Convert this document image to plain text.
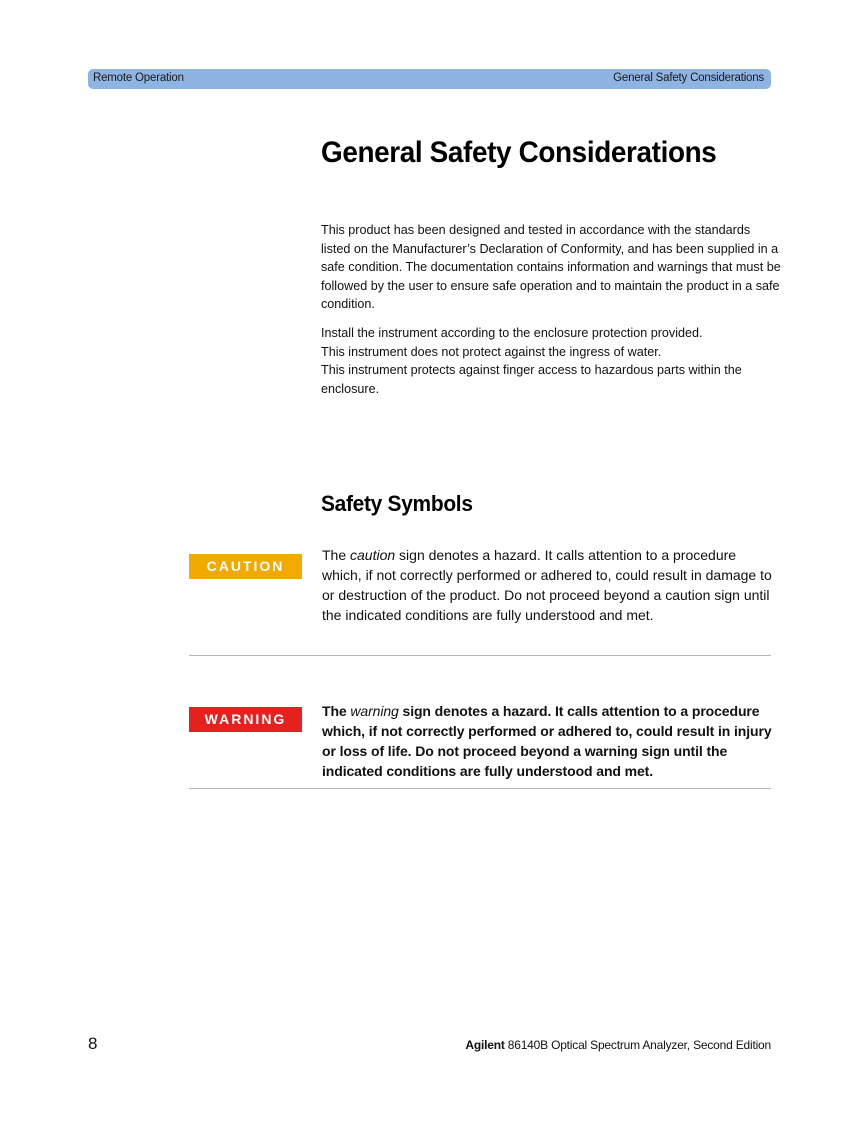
Remote Operation	General Safety Considerations
General Safety Considerations

This product has been designed and tested in accordance with the standards listed on the Manufacturer’s Declaration of Conformity, and has been supplied in a safe condition. The documentation contains information and warnings that must be followed by the user to ensure safe operation and to maintain the product in a safe condition.

Install the instrument according to the enclosure protection provided.
This instrument does not protect against the ingress of water.
This instrument protects against finger access to hazardous parts within the enclosure.

Safety Symbols
CAUTION

The caution sign denotes a hazard. It calls attention to a procedure which, if not correctly performed or adhered to, could result in damage to or destruction of the product. Do not proceed beyond a caution sign until the indicated conditions are fully understood and met.

WARNING	The warning sign denotes a hazard. It calls attention to a procedure which, if not correctly performed or adhered to, could result in injury or loss of life. Do not proceed beyond a warning sign until the indicated conditions are fully understood and met.

8	Agilent 86140B Optical Spectrum Analyzer, Second Edition
